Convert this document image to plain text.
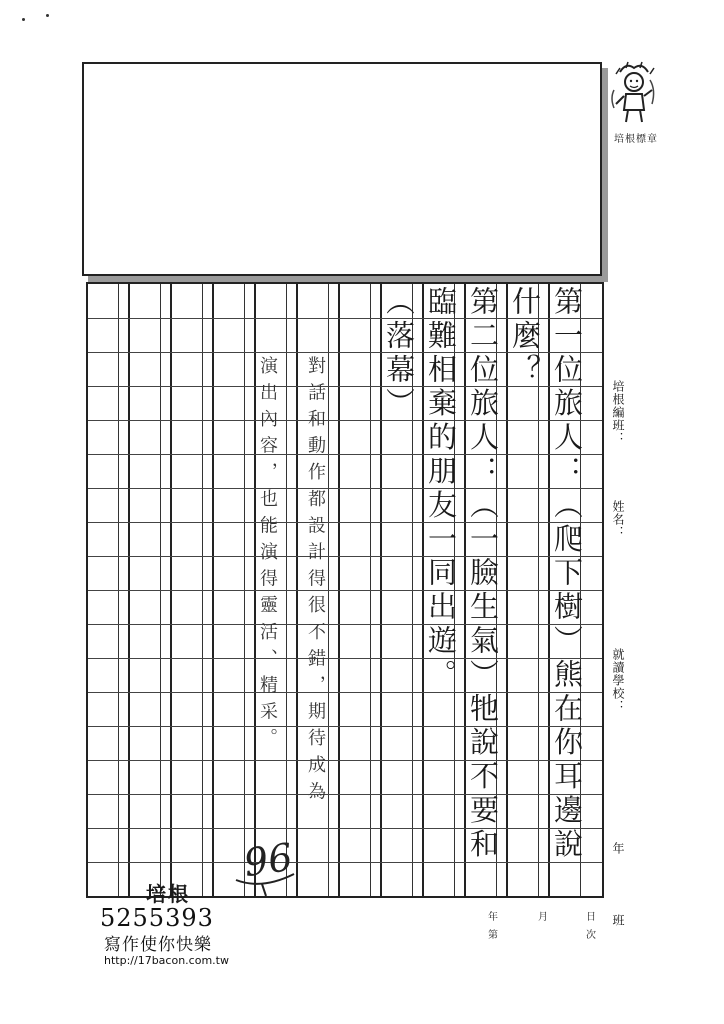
培根標章
第一位旅人：（爬下樹）熊在你耳邊說
什麼？
第二位旅人：（一臉生氣）牠說不要和
臨難相棄的朋友一同出遊。
（落幕）
對話和動作都設計得很不錯，期待成為
演出內容，也能演得靈活、精采。
96
培根
培根編班：
姓名：
就讀學校：
年 班
年	月	日
第	次
5255393
寫作使你快樂
http://17bacon.com.tw
